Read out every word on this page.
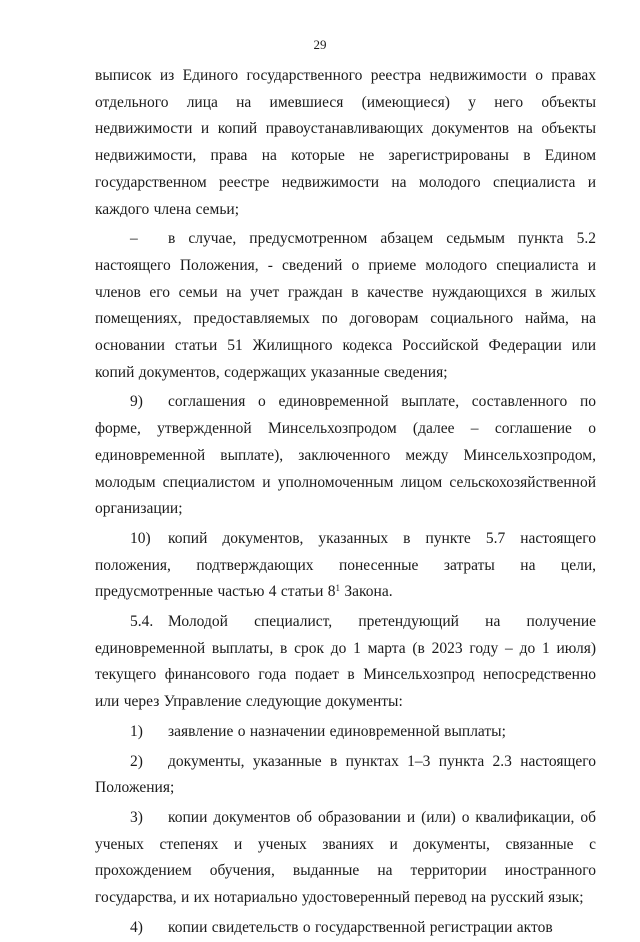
29

выписок из Единого государственного реестра недвижимости о правах отдельного лица на имевшиеся (имеющиеся) у него объекты недвижимости и копий правоустанавливающих документов на объекты недвижимости, права на которые не зарегистрированы в Едином государственном реестре недвижимости на молодого специалиста и каждого члена семьи;

– в случае, предусмотренном абзацем седьмым пункта 5.2 настоящего Положения, - сведений о приеме молодого специалиста и членов его семьи на учет граждан в качестве нуждающихся в жилых помещениях, предоставляемых по договорам социального найма, на основании статьи 51 Жилищного кодекса Российской Федерации или копий документов, содержащих указанные сведения;

9) соглашения о единовременной выплате, составленного по форме, утвержденной Минсельхозпродом (далее – соглашение о единовременной выплате), заключенного между Минсельхозпродом, молодым специалистом и уполномоченным лицом сельскохозяйственной организации;

10) копий документов, указанных в пункте 5.7 настоящего положения, подтверждающих понесенные затраты на цели, предусмотренные частью 4 статьи $8^1$ Закона.

5.4. Молодой специалист, претендующий на получение единовременной выплаты, в срок до 1 марта (в 2023 году – до 1 июля) текущего финансового года подает в Минсельхозпрод непосредственно или через Управление следующие документы:

1) заявление о назначении единовременной выплаты;

2) документы, указанные в пунктах 1–3 пункта 2.3 настоящего Положения;

3) копии документов об образовании и (или) о квалификации, об ученых степенях и ученых званиях и документы, связанные с прохождением обучения, выданные на территории иностранного государства, и их нотариально удостоверенный перевод на русский язык;

4) копии свидетельств о государственной регистрации актов
